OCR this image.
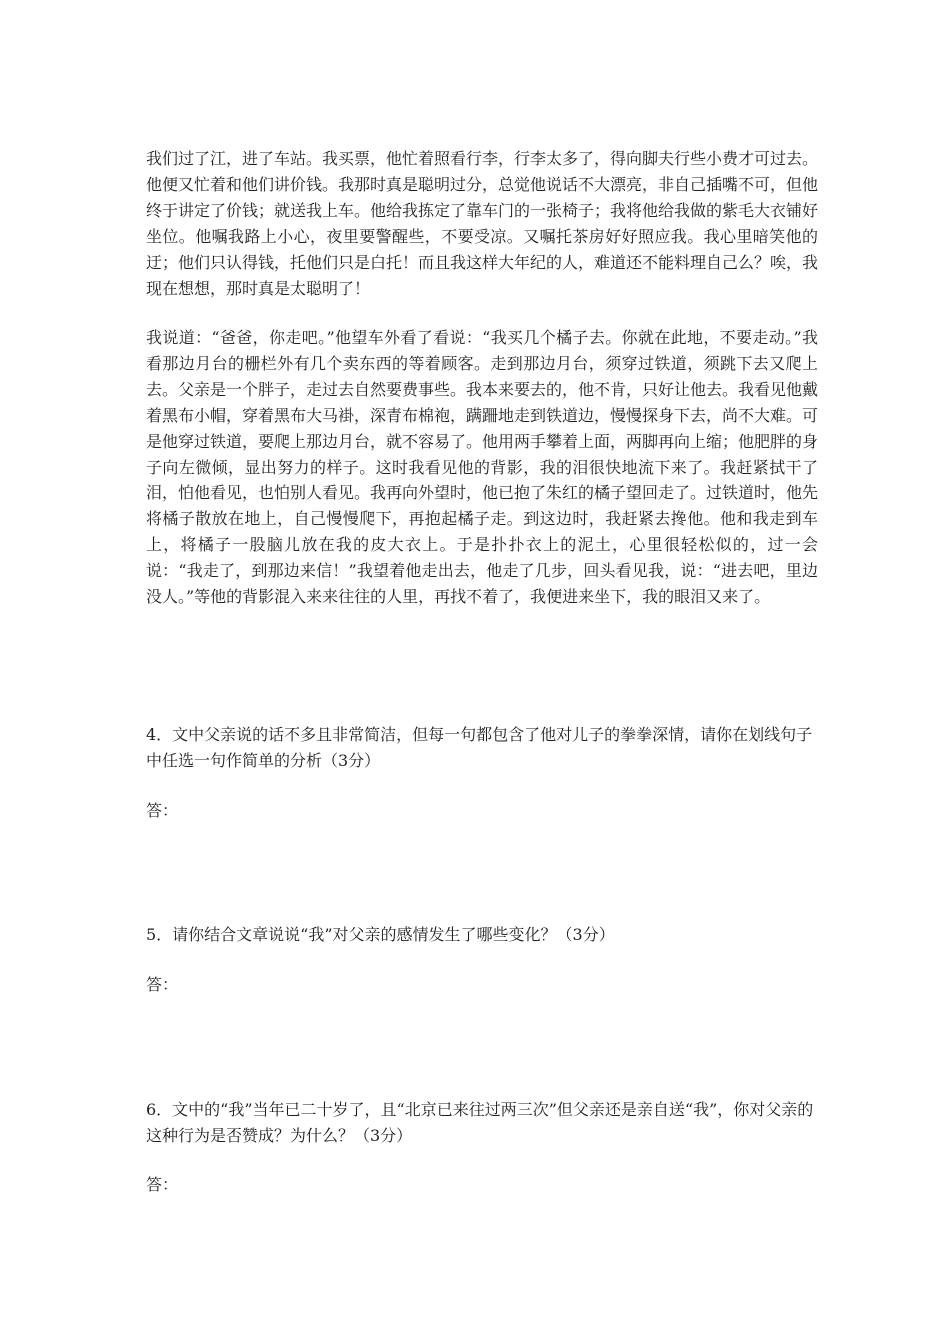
我们过了江，进了车站。我买票，他忙着照看行李，行李太多了，得向脚夫行些小费才可过去。他便又忙着和他们讲价钱。我那时真是聪明过分，总觉他说话不大漂亮，非自己插嘴不可，但他终于讲定了价钱；就送我上车。他给我拣定了靠车门的一张椅子；我将他给我做的紫毛大衣铺好坐位。他嘱我路上小心，夜里要警醒些，不要受凉。又嘱托茶房好好照应我。我心里暗笑他的迂；他们只认得钱，托他们只是白托！而且我这样大年纪的人，难道还不能料理自己么？唉，我现在想想，那时真是太聪明了！

我说道：“爸爸，你走吧。”他望车外看了看说：“我买几个橘子去。你就在此地，不要走动。”我看那边月台的栅栏外有几个卖东西的等着顾客。走到那边月台，须穿过铁道，须跳下去又爬上去。父亲是一个胖子，走过去自然要费事些。我本来要去的，他不肯，只好让他去。我看见他戴着黑布小帽，穿着黑布大马褂，深青布棉袍，蹒跚地走到铁道边，慢慢探身下去，尚不大难。可是他穿过铁道，要爬上那边月台，就不容易了。他用两手攀着上面，两脚再向上缩；他肥胖的身子向左微倾，显出努力的样子。这时我看见他的背影，我的泪很快地流下来了。我赶紧拭干了泪，怕他看见，也怕别人看见。我再向外望时，他已抱了朱红的橘子望回走了。过铁道时，他先将橘子散放在地上，自己慢慢爬下，再抱起橘子走。到这边时，我赶紧去搀他。他和我走到车上，将橘子一股脑儿放在我的皮大衣上。于是扑扑衣上的泥土，心里很轻松似的，过一会说：“我走了，到那边来信！”我望着他走出去，他走了几步，回头看见我，说：“进去吧，里边没人。”等他的背影混入来来往往的人里，再找不着了，我便进来坐下，我的眼泪又来了。

4．文中父亲说的话不多且非常简洁，但每一句都包含了他对儿子的拳拳深情，请你在划线句子中任选一句作简单的分析（3分）

答：

5．请你结合文章说说“我”对父亲的感情发生了哪些变化？（3分）

答：

6．文中的“我”当年已二十岁了，且“北京已来往过两三次”但父亲还是亲自送“我”，你对父亲的这种行为是否赞成？为什么？（3分）

答：
